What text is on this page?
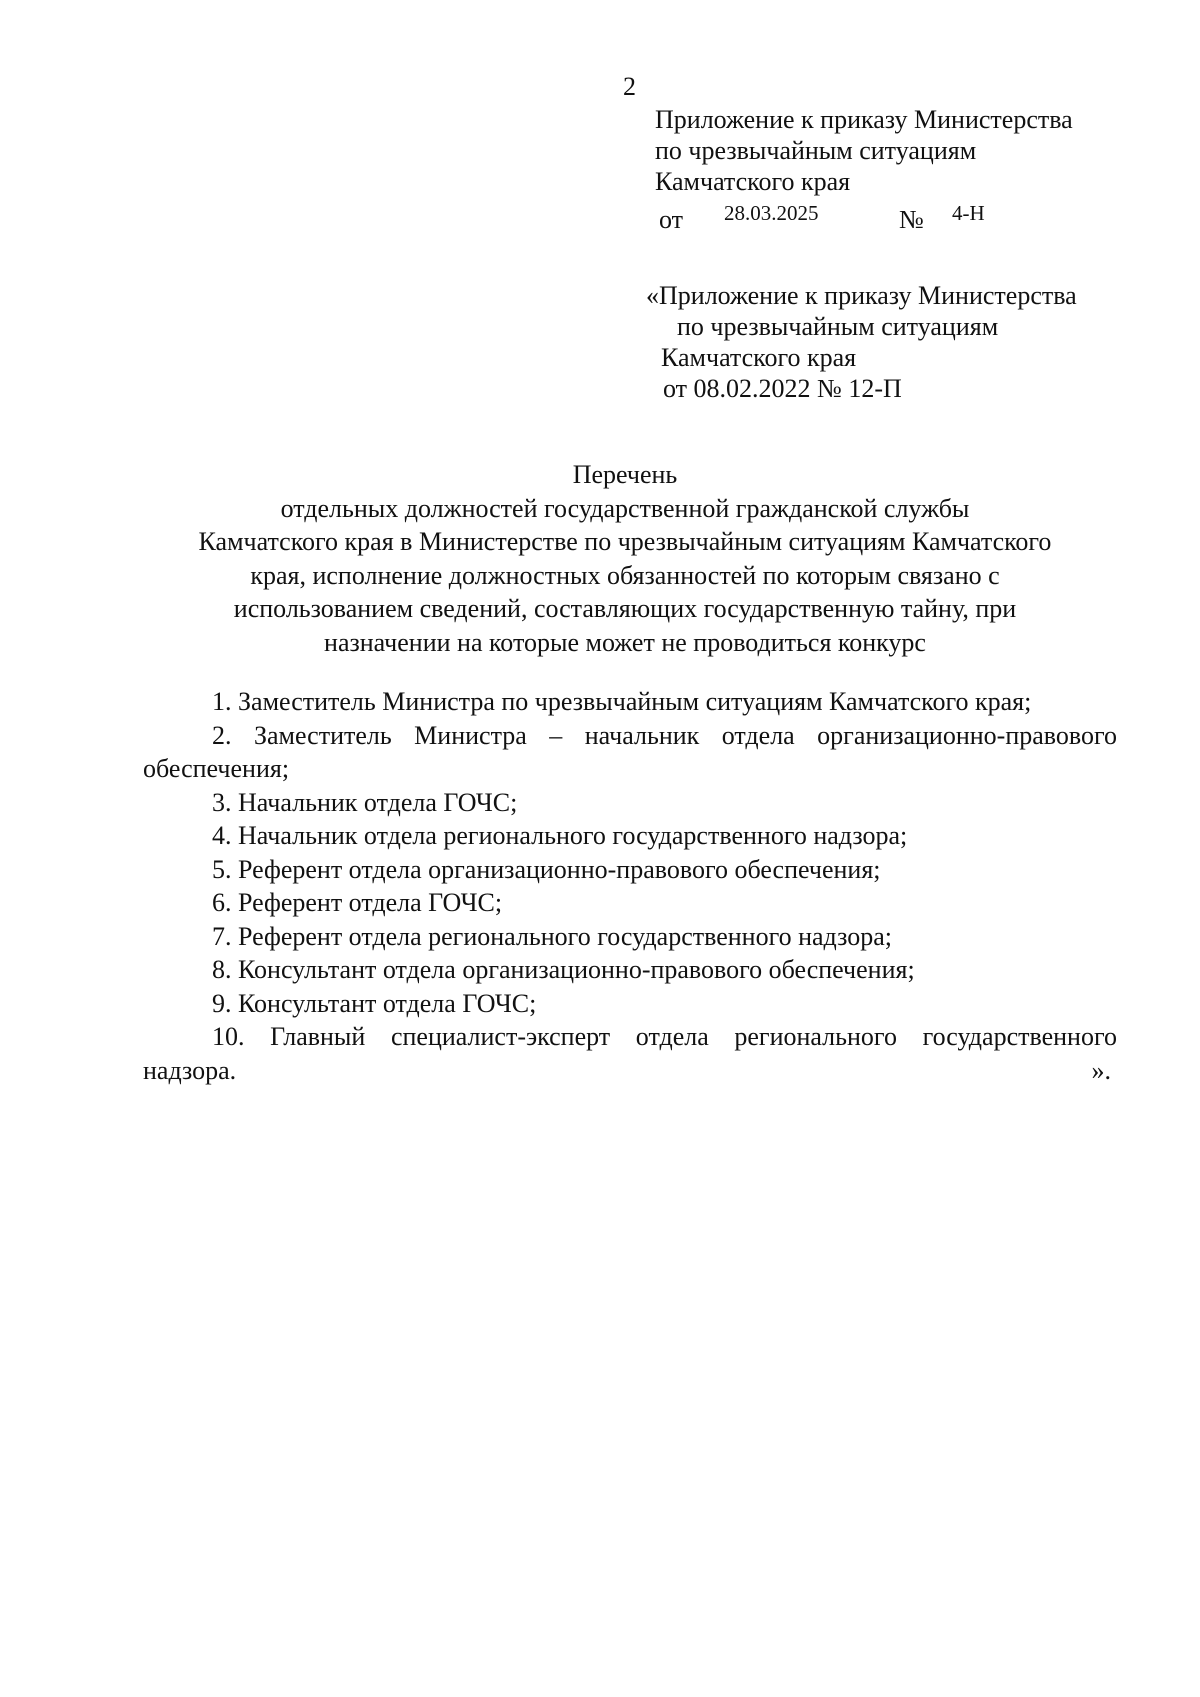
2
Приложение к приказу Министерства
по чрезвычайным ситуациям
Камчатского края
от 28.03.2025	№ 4-Н
«Приложение к приказу Министерства
по чрезвычайным ситуациям
Камчатского края
от 08.02.2022 № 12-П
Перечень
отдельных должностей государственной гражданской службы
Камчатского края в Министерстве по чрезвычайным ситуациям Камчатского
края, исполнение должностных обязанностей по которым связано с
использованием сведений, составляющих государственную тайну, при
назначении на которые может не проводиться конкурс
1. Заместитель Министра по чрезвычайным ситуациям Камчатского края;
2. Заместитель Министра – начальник отдела организационно-правового обеспечения;
3. Начальник отдела ГОЧС;
4. Начальник отдела регионального государственного надзора;
5. Референт отдела организационно-правового обеспечения;
6. Референт отдела ГОЧС;
7. Референт отдела регионального государственного надзора;
8. Консультант отдела организационно-правового обеспечения;
9. Консультант отдела ГОЧС;
10. Главный специалист-эксперт отдела регионального государственного
надзора.	».
